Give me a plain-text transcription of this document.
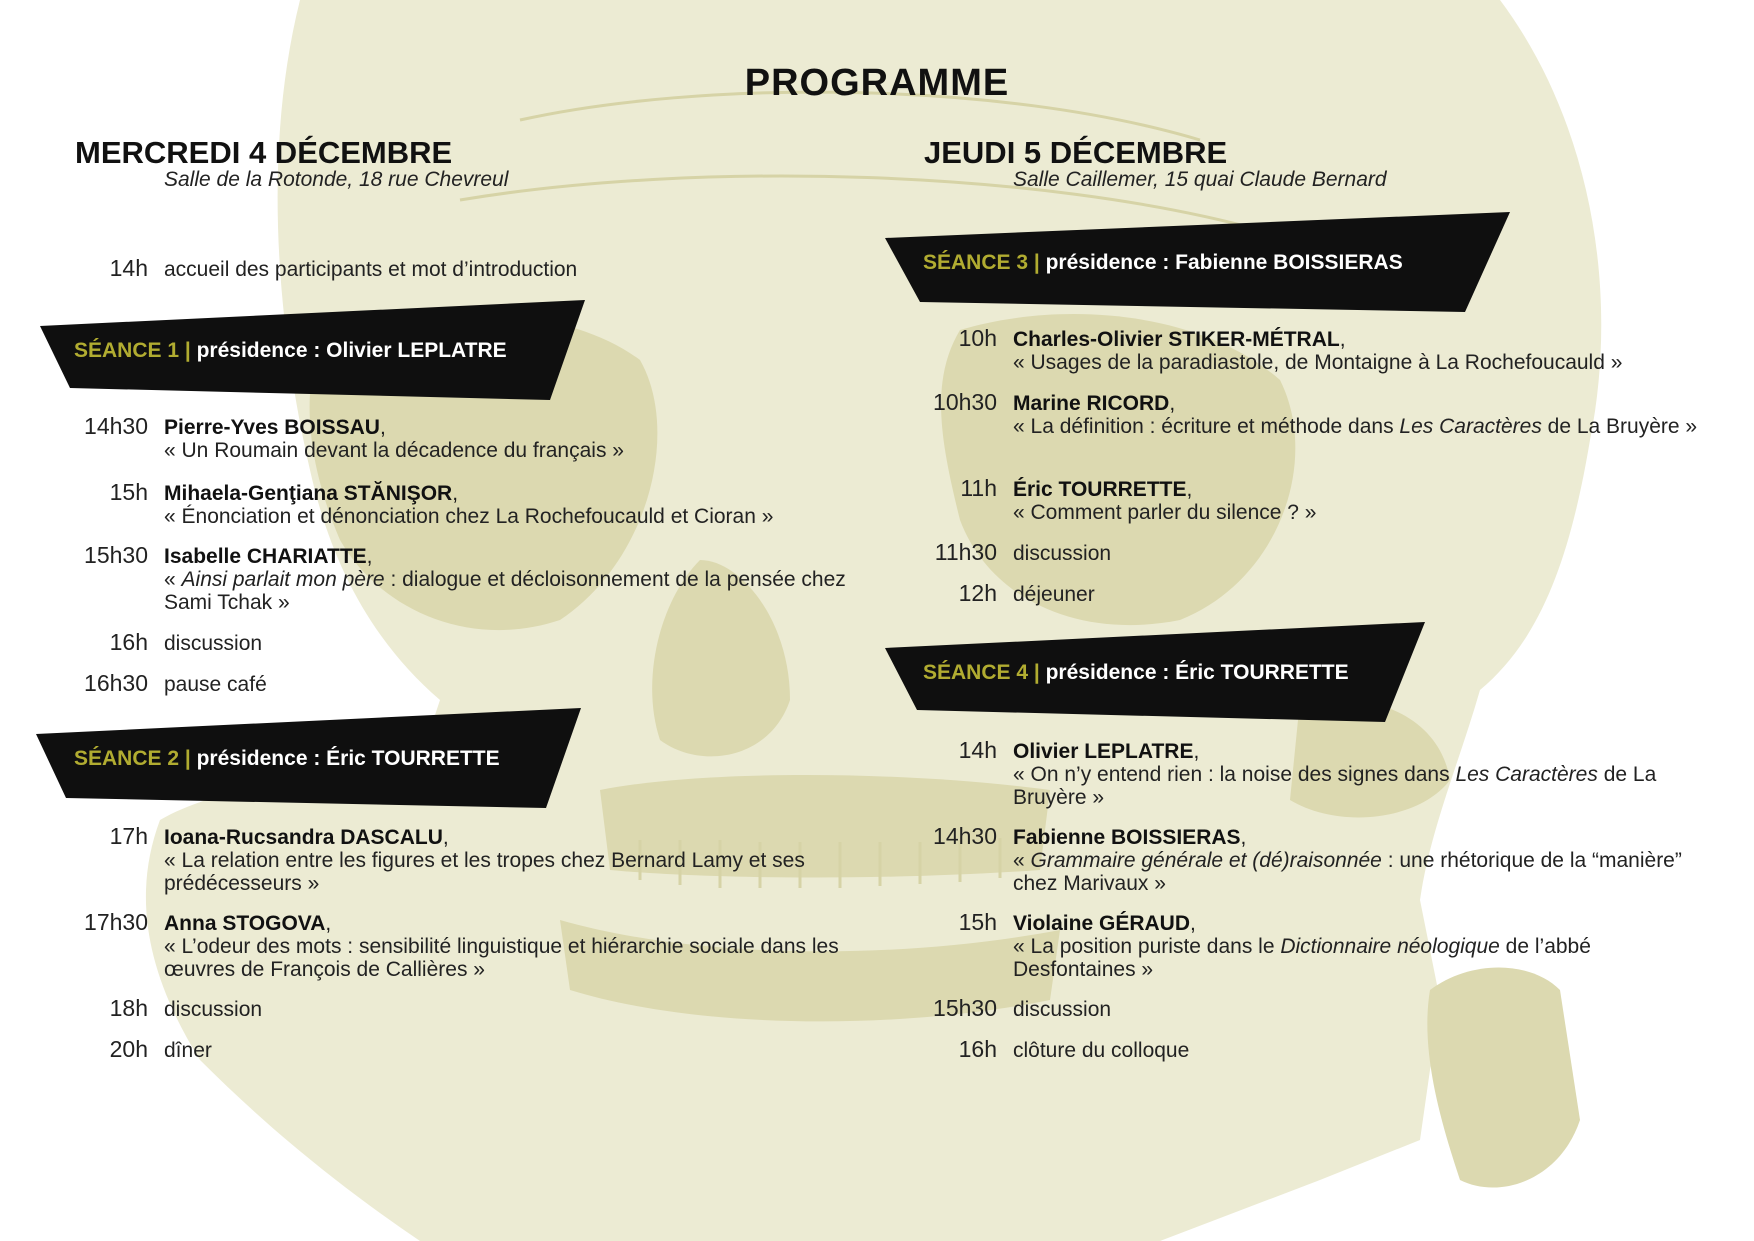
PROGRAMME
MERCREDI 4 DÉCEMBRE
Salle de la Rotonde, 18 rue Chevreul
14h accueil des participants et mot d’introduction
SÉANCE 1 | présidence : Olivier LEPLATRE
14h30 Pierre-Yves BOISSAU,
« Un Roumain devant la décadence du français »
15h Mihaela-Genţiana STĂNIŞOR,
« Énonciation et dénonciation chez La Rochefoucauld et Cioran »
15h30 Isabelle CHARIATTE,
« Ainsi parlait mon père : dialogue et décloisonnement de la pensée chez Sami Tchak »
16h discussion
16h30 pause café
SÉANCE 2 | présidence : Éric TOURRETTE
17h Ioana-Rucsandra DASCALU,
« La relation entre les figures et les tropes chez Bernard Lamy et ses prédécesseurs »
17h30 Anna STOGOVA,
« L’odeur des mots : sensibilité linguistique et hiérarchie sociale dans les œuvres de François de Callières »
18h discussion
20h dîner
JEUDI 5 DÉCEMBRE
Salle Caillemer, 15 quai Claude Bernard
SÉANCE 3 | présidence : Fabienne BOISSIERAS
10h Charles-Olivier STIKER-MÉTRAL,
« Usages de la paradiastole, de Montaigne à La Rochefoucauld »
10h30 Marine RICORD,
« La définition : écriture et méthode dans Les Caractères de La Bruyère »
11h Éric TOURRETTE,
« Comment parler du silence ? »
11h30 discussion
12h déjeuner
SÉANCE 4 | présidence : Éric TOURRETTE
14h Olivier LEPLATRE,
« On n’y entend rien : la noise des signes dans Les Caractères de La Bruyère »
14h30 Fabienne BOISSIERAS,
« Grammaire générale et (dé)raisonnée : une rhétorique de la “manière” chez Marivaux »
15h Violaine GÉRAUD,
« La position puriste dans le Dictionnaire néologique de l’abbé Desfontaines »
15h30 discussion
16h clôture du colloque
